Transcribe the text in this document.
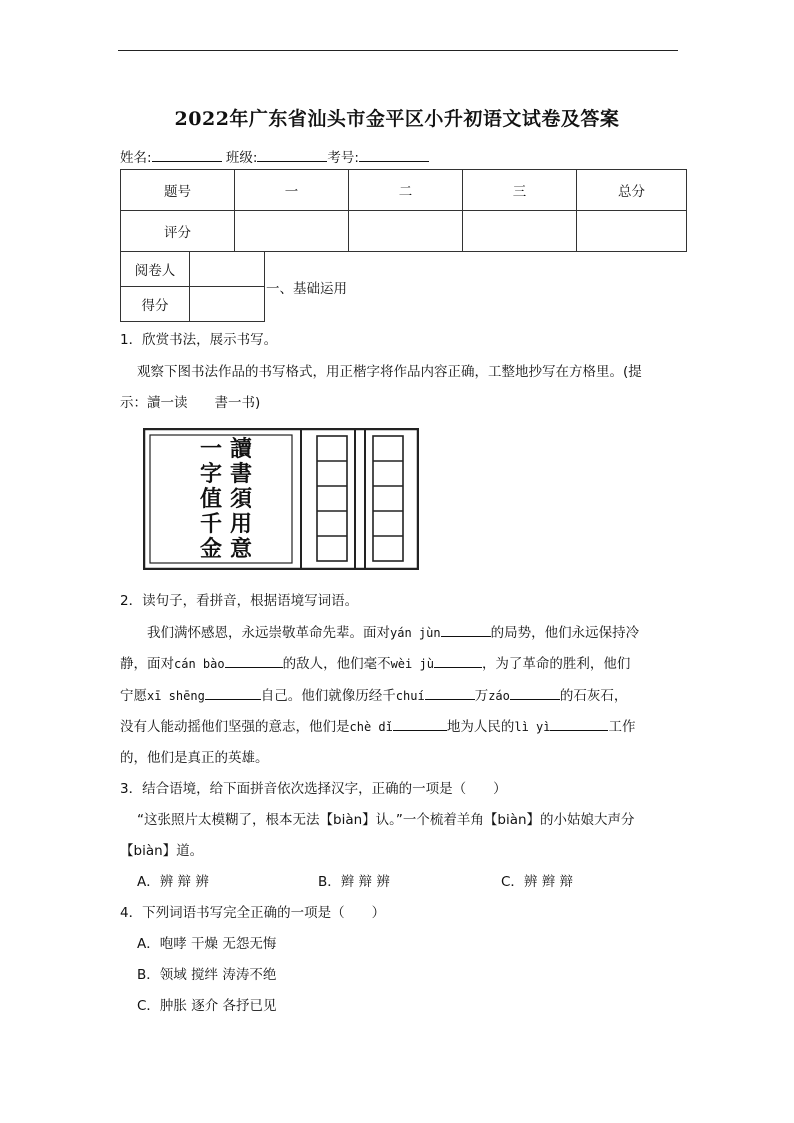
2022年广东省汕头市金平区小升初语文试卷及答案
姓名:	班级:	考号:
题号	一	二	三	总分
评分				
阅卷人	
得分	
一、基础运用
1．欣赏书法，展示书写。
观察下图书法作品的书写格式，用正楷字将作品内容正确，工整地抄写在方格里。(提
示：讀一读　　書一书)
讀
書
須
用
意
一
字
值
千
金
2．读句子，看拼音，根据语境写词语。
我们满怀感恩，永远崇敬革命先辈。面对yán jùn	的局势，他们永远保持冷
静，面对cán bào	的敌人，他们毫不wèi jù	，为了革命的胜利，他们
宁愿xī shēng	自己。他们就像历经千chuí	万záo	的石灰石，
没有人能动摇他们坚强的意志，他们是chè dǐ	地为人民的lì yì	工作
的，他们是真正的英雄。
3．结合语境，给下面拼音依次选择汉字，正确的一项是（　　）
“这张照片太模糊了，根本无法【biàn】认。”一个梳着羊角【biàn】的小姑娘大声分
【biàn】道。
A．辨 辩 辨	B．辫 辩 辨	C．辨 辫 辩
4．下列词语书写完全正确的一项是（　　）
A．咆哮 干燥 无怨无悔
B．领域 搅绊 涛涛不绝
C．肿胀 逐介 各抒已见
